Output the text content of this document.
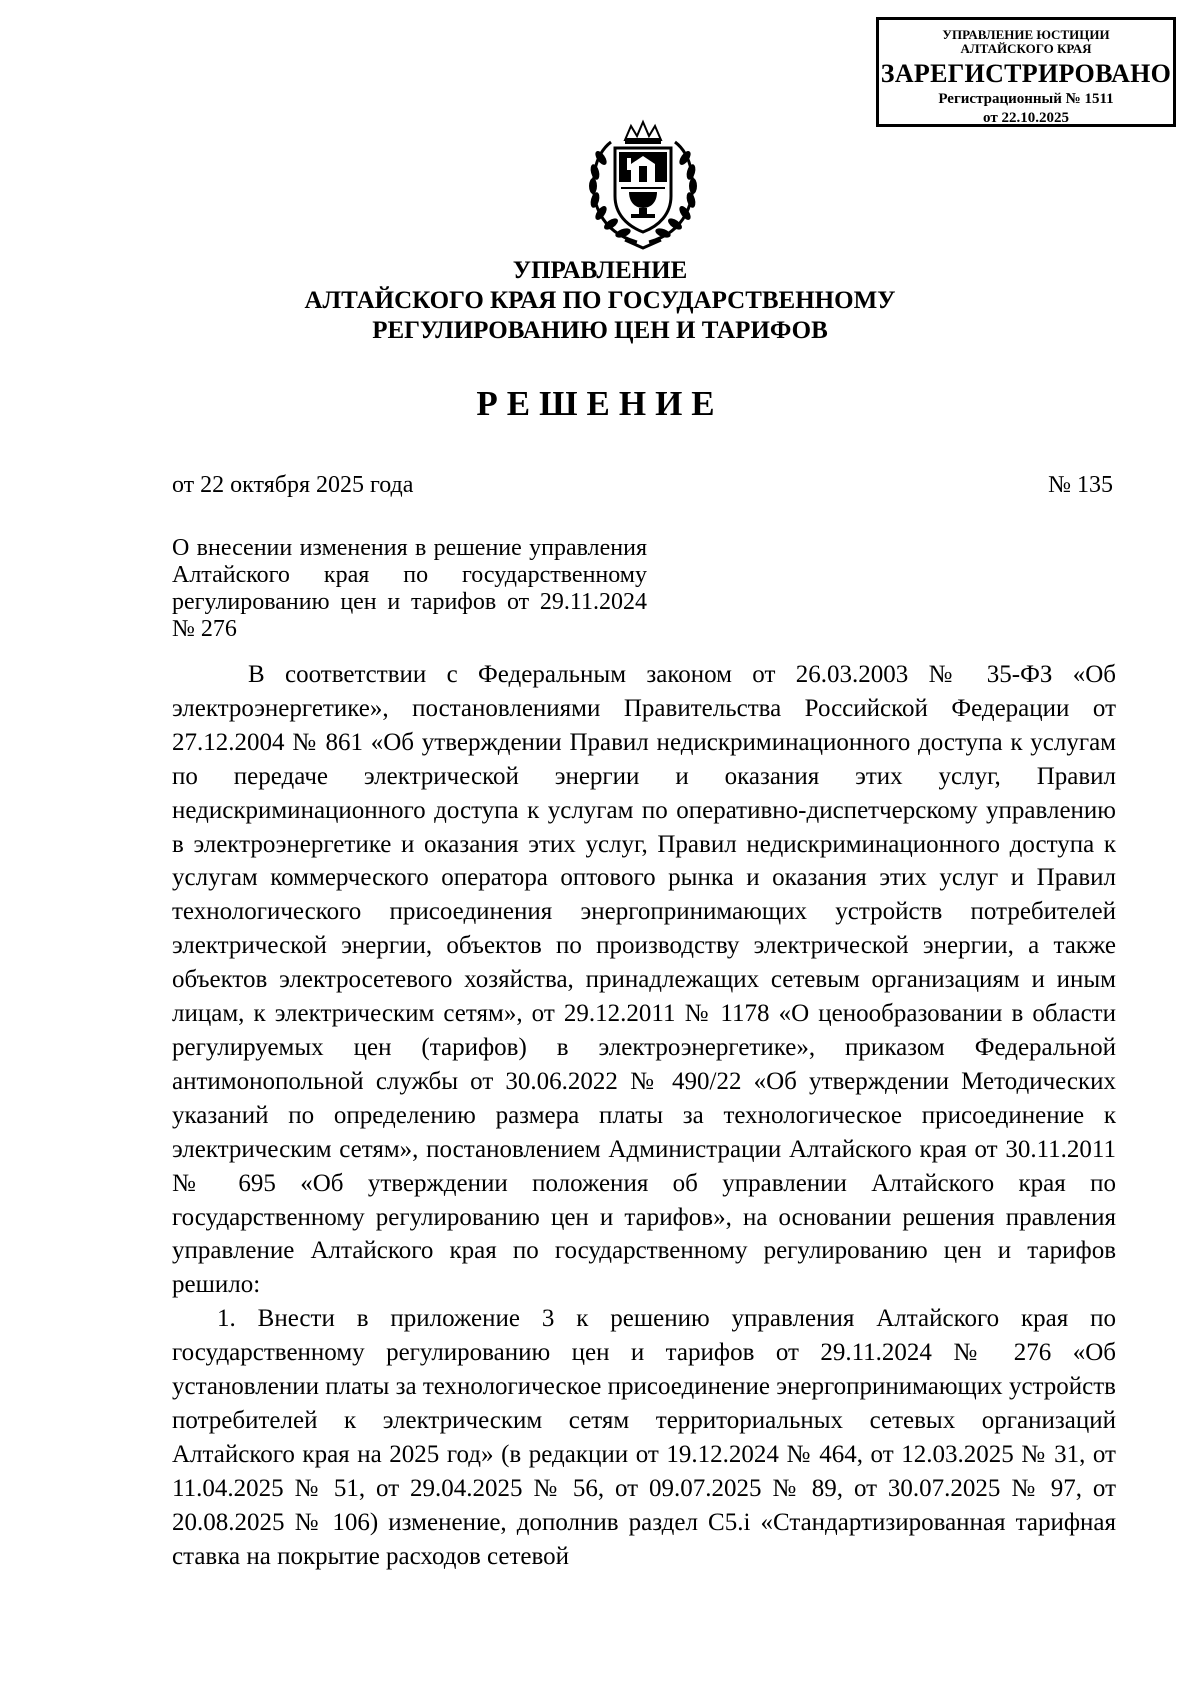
УПРАВЛЕНИЕ ЮСТИЦИИ
АЛТАЙСКОГО КРАЯ
ЗАРЕГИСТРИРОВАНО
Регистрационный № 1511
от 22.10.2025
УПРАВЛЕНИЕ
АЛТАЙСКОГО КРАЯ ПО ГОСУДАРСТВЕННОМУ
РЕГУЛИРОВАНИЮ ЦЕН И ТАРИФОВ
РЕШЕНИЕ
от 22 октября 2025 года	№ 135
О внесении изменения в решение управления Алтайского края по государственному регулированию цен и тарифов от 29.11.2024 № 276

В соответствии с Федеральным законом от 26.03.2003 № 35-ФЗ «Об электроэнергетике», постановлениями Правительства Российской Федерации от 27.12.2004 № 861 «Об утверждении Правил недискриминационного доступа к услугам по передаче электрической энергии и оказания этих услуг, Правил недискриминационного доступа к услугам по оперативно-диспетчерскому управлению в электроэнергетике и оказания этих услуг, Правил недискриминационного доступа к услугам коммерческого оператора оптового рынка и оказания этих услуг и Правил технологического присоединения энергопринимающих устройств потребителей электрической энергии, объектов по производству электрической энергии, а также объектов электросетевого хозяйства, принадлежащих сетевым организациям и иным лицам, к электрическим сетям», от 29.12.2011 № 1178 «О ценообразовании в области регулируемых цен (тарифов) в электроэнергетике», приказом Федеральной антимонопольной службы от 30.06.2022 № 490/22 «Об утверждении Методических указаний по определению размера платы за технологическое присоединение к электрическим сетям», постановлением Администрации Алтайского края от 30.11.2011 № 695 «Об утверждении положения об управлении Алтайского края по государственному регулированию цен и тарифов», на основании решения правления управление Алтайского края по государственному регулированию цен и тарифов решило:

1. Внести в приложение 3 к решению управления Алтайского края по государственному регулированию цен и тарифов от 29.11.2024 № 276 «Об установлении платы за технологическое присоединение энергопринимающих устройств потребителей к электрическим сетям территориальных сетевых организаций Алтайского края на 2025 год» (в редакции от 19.12.2024 № 464, от 12.03.2025 № 31, от 11.04.2025 № 51, от 29.04.2025 № 56, от 09.07.2025 № 89, от 30.07.2025 № 97, от 20.08.2025 № 106) изменение, дополнив раздел С5.i «Стандартизированная тарифная ставка на покрытие расходов сетевой
